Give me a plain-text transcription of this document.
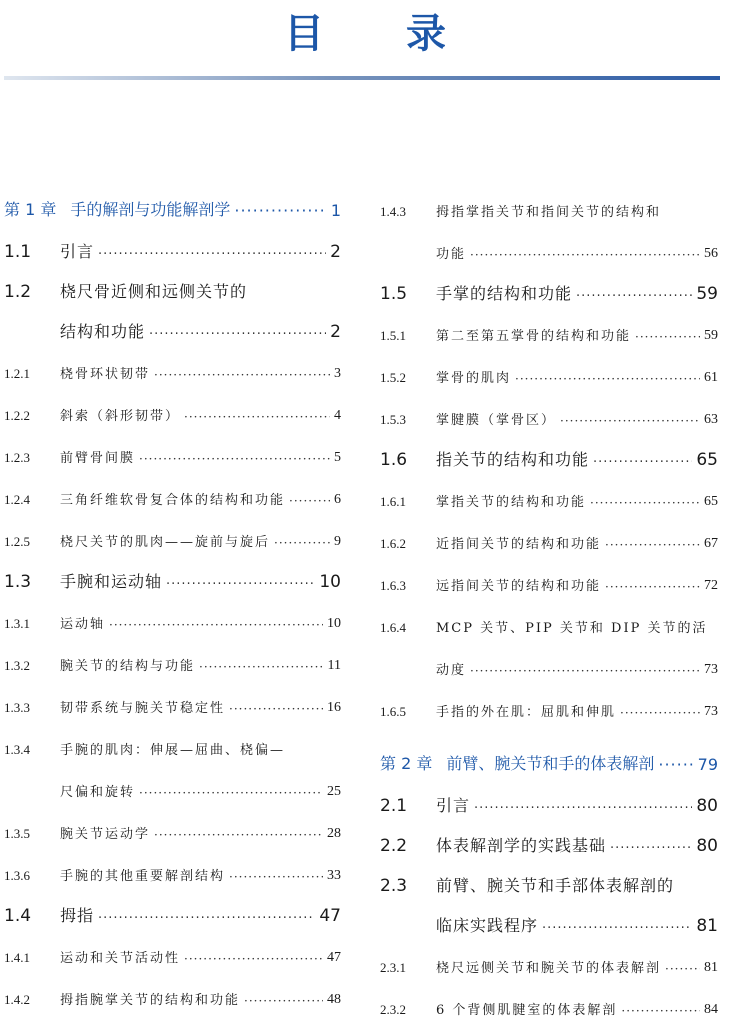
目 录
第 1 章 手的解剖与功能解剖学 ·····	1
1.1	引言 ·····	2
1.2	桡尺骨近侧和远侧关节的
结构和功能 ·····	2
1.2.1	桡骨环状韧带 ·····	3
1.2.2	斜索（斜形韧带） ·····	4
1.2.3	前臂骨间膜 ·····	5
1.2.4	三角纤维软骨复合体的结构和功能 ·····	6
1.2.5	桡尺关节的肌肉——旋前与旋后 ·····	9
1.3	手腕和运动轴 ·····	10
1.3.1	运动轴 ·····	10
1.3.2	腕关节的结构与功能 ·····	11
1.3.3	韧带系统与腕关节稳定性 ·····	16
1.3.4	手腕的肌肉：伸展—屈曲、桡偏—
尺偏和旋转 ·····	25
1.3.5	腕关节运动学 ·····	28
1.3.6	手腕的其他重要解剖结构 ·····	33
1.4	拇指 ·····	47
1.4.1	运动和关节活动性 ·····	47
1.4.2	拇指腕掌关节的结构和功能 ·····	48
1.4.3	拇指掌指关节和指间关节的结构和
功能 ·····	56
1.5	手掌的结构和功能 ·····	59
1.5.1	第二至第五掌骨的结构和功能 ·····	59
1.5.2	掌骨的肌肉 ·····	61
1.5.3	掌腱膜（掌骨区） ·····	63
1.6	指关节的结构和功能 ·····	65
1.6.1	掌指关节的结构和功能 ·····	65
1.6.2	近指间关节的结构和功能 ·····	67
1.6.3	远指间关节的结构和功能 ·····	72
1.6.4	MCP 关节、PIP 关节和 DIP 关节的活
动度 ·····	73
1.6.5	手指的外在肌：屈肌和伸肌 ·····	73
第 2 章 前臂、腕关节和手的体表解剖 ·····	79
2.1	引言 ·····	80
2.2	体表解剖学的实践基础 ·····	80
2.3	前臂、腕关节和手部体表解剖的
临床实践程序 ·····	81
2.3.1	桡尺远侧关节和腕关节的体表解剖 ·····	81
2.3.2	6 个背侧肌腱室的体表解剖 ·····	84
